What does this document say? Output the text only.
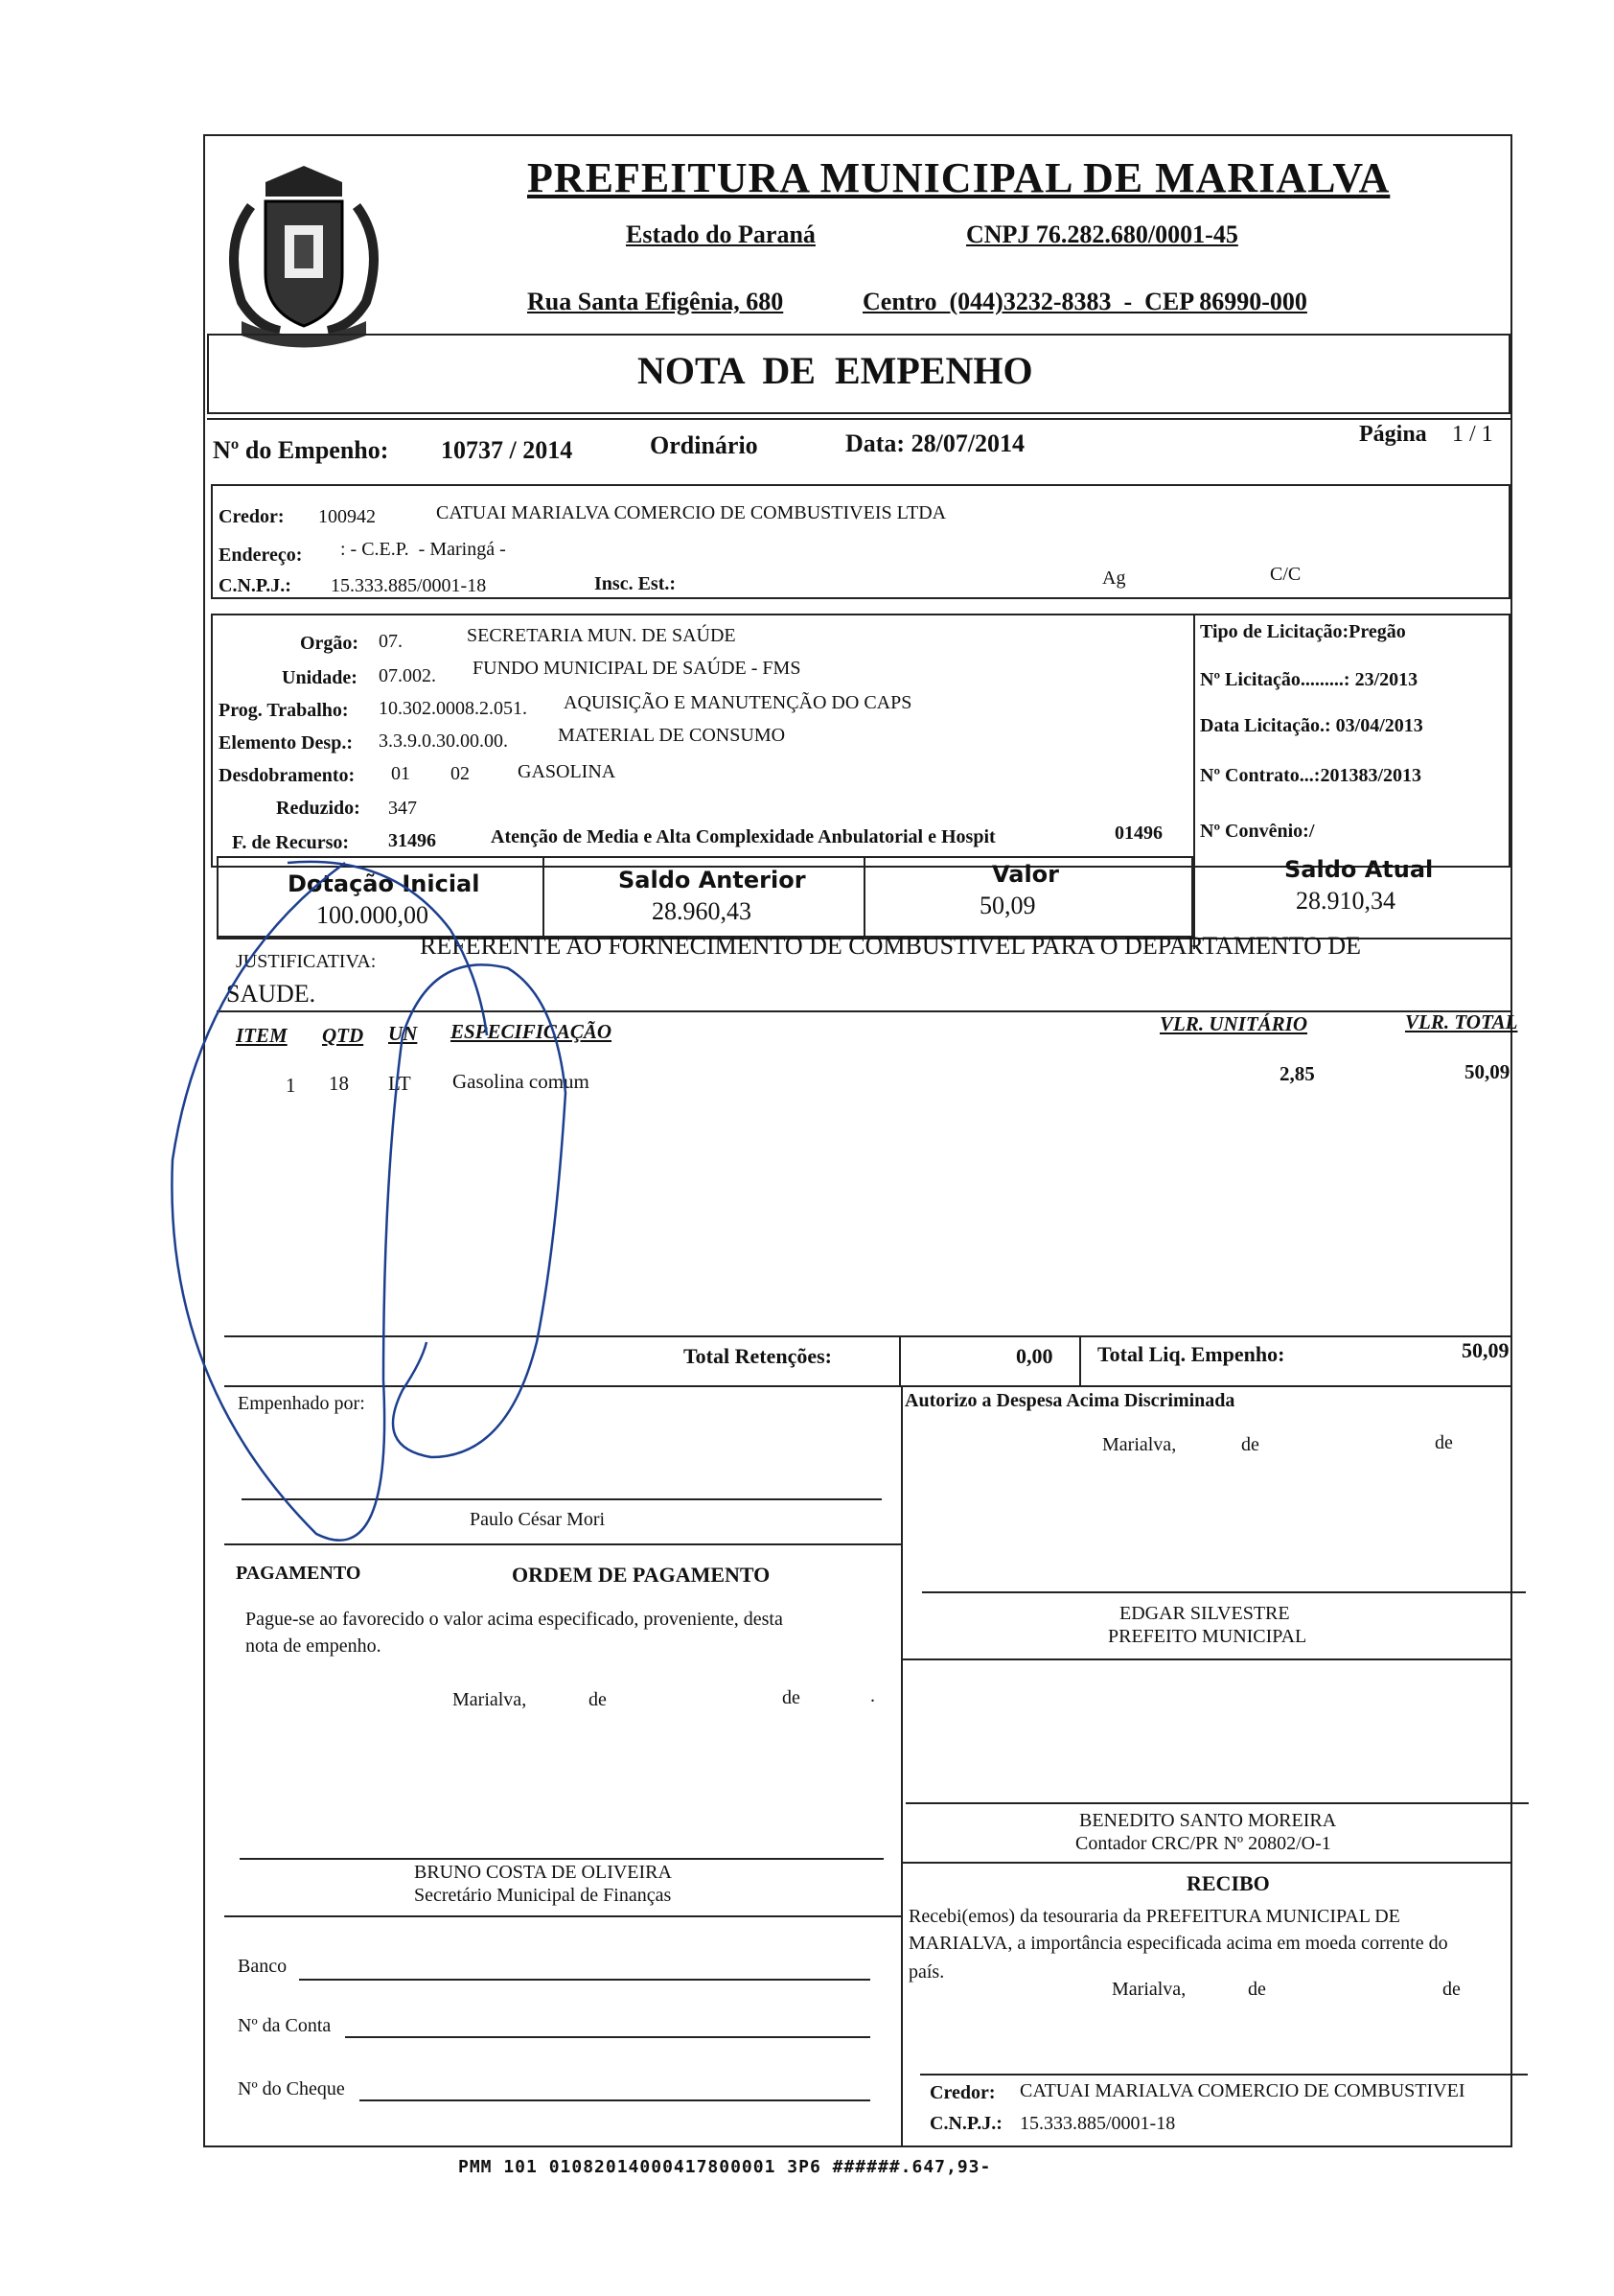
PREFEITURA MUNICIPAL DE MARIALVA
Estado do Paraná	CNPJ 76.282.680/0001-45
Rua Santa Efigênia, 680	Centro  (044)3232-8383  -  CEP 86990-000
NOTA  DE  EMPENHO
Nº do Empenho: 10737 / 2014	Ordinário	Data: 28/07/2014	Página 1 / 1
Credor: 100942	CATUAI MARIALVA COMERCIO DE COMBUSTIVEIS LTDA
Endereço: : - C.E.P.  - Maringá -
C.N.P.J.: 15.333.885/0001-18	Insc. Est.:	Ag	C/C
Orgão: 07.	SECRETARIA MUN. DE SAÚDE
Unidade: 07.002. FUNDO MUNICIPAL DE SAÚDE - FMS
Prog. Trabalho: 10.302.0008.2.051. AQUISIÇÃO E MANUTENÇÃO DO CAPS
Elemento Desp.: 3.3.9.0.30.00.00.	MATERIAL DE CONSUMO
Desdobramento: 01 02	GASOLINA
Reduzido: 347
F. de Recurso: 31496	Atenção de Media e Alta Complexidade Anbulatorial e Hospit	01496
Tipo de Licitação:Pregão
Nº Licitação.........: 23/2013
Data Licitação.: 03/04/2013
Nº Contrato...:201383/2013
Nº Convênio:/
Dotação Inicial
100.000,00
Saldo Anterior
28.960,43
Valor
50,09
Saldo Atual
28.910,34
JUSTIFICATIVA:
REFERENTE AO FORNECIMENTO DE COMBUSTIVEL PARA O DEPARTAMENTO DE
SAUDE.
ITEM QTD UN ESPECIFICAÇÃO	VLR. UNITÁRIO	VLR. TOTAL
1 18 LT Gasolina comum	2,85	50,09
Total Retenções:	0,00 Total Liq. Empenho:	50,09
Empenhado por:
Paulo César Mori
Autorizo a Despesa Acima Discriminada
Marialva,	de	de
PAGAMENTO	ORDEM DE PAGAMENTO
Pague-se ao favorecido o valor acima especificado, proveniente, desta
nota de empenho.
Marialva,	de	de	.
EDGAR SILVESTRE
PREFEITO MUNICIPAL
BENEDITO SANTO MOREIRA
Contador CRC/PR Nº 20802/O-1
BRUNO COSTA DE OLIVEIRA
Secretário Municipal de Finanças	RECIBO
Recebi(emos) da tesouraria da PREFEITURA MUNICIPAL DE
MARIALVA, a importância especificada acima em moeda corrente do
país.
Marialva,	de	de
Credor: CATUAI MARIALVA COMERCIO DE COMBUSTIVEI
C.N.P.J.: 15.333.885/0001-18
Banco
Nº da Conta
Nº do Cheque
PMM 101 01082014000417800001 3P6 ######.647,93-
